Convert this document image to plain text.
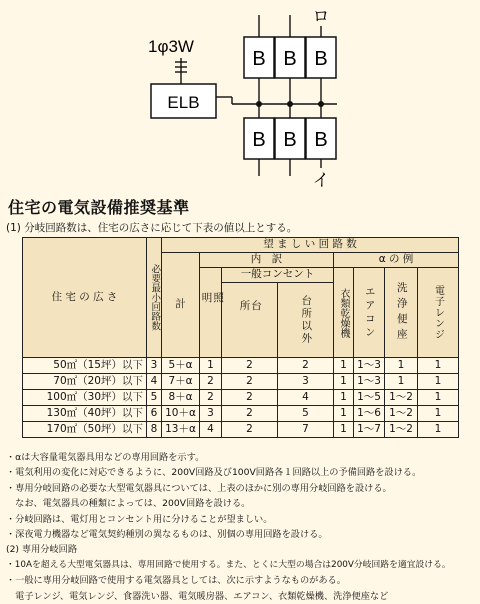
1φ3W
ELB
B B B
B B B
ロ
イ
住宅の電気設備推奨基準
(1) 分岐回路数は、住宅の広さに応じて下表の値以上とする。
住 宅 の 広 さ	必要最小回路数	望 ま し い 回 路 数							
		計	内　訳			α の 例			

			照明	一般コンセント		衣類乾燥機	エアコン	洗浄便座	電子レンジ

				台所	台所以外				

50㎡（15坪）以下	3	5＋α	1	2	2	1	1〜3	1	1
70㎡（20坪）以下	4	7＋α	2	2	3	1	1〜3	1	1
100㎡（30坪）以下	5	8＋α	2	2	4	1	1〜5	1〜2	1
130㎡（40坪）以下	6	10＋α	3	2	5	1	1〜6	1〜2	1
170㎡（50坪）以下	8	13＋α	4	2	7	1	1〜7	1〜2	1
・αは大容量電気器具用などの専用回路を示す。
・電気利用の変化に対応できるように、200V回路及び100V回路各１回路以上の予備回路を設ける。
・専用分岐回路の必要な大型電気器具については、上表のほかに別の専用分岐回路を設ける。
　なお、電気器具の種類によっては、200V回路を設ける。
・分岐回路は、電灯用とコンセント用に分けることが望ましい。
・深夜電力機器など電気契約種別の異なるものは、別個の専用回路を設ける。
(2) 専用分岐回路
・10Aを超える大型電気器具は、専用回路で使用する。また、とくに大型の場合は200V分岐回路を適宜設ける。
・一般に専用分岐回路で使用する電気器具としては、次に示すようなものがある。
　電子レンジ、電気レンジ、食器洗い器、電気暖房器、エアコン、衣類乾燥機、洗浄便座など
